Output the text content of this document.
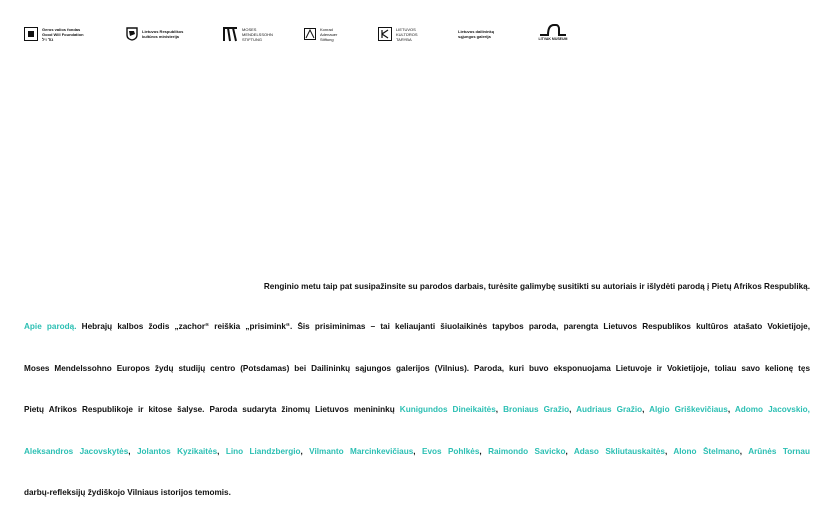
Geros valios fondas
Good Will Foundation
גוד ויל
Lietuvos Respublikos
kultūros ministerija
MOSES
MENDELSSOHN
STIFTUNG
Konrad
Adenauer
Stiftung
LIETUVOS
KULTŪROS
TARYBA
Lietuvos dailininkų
sąjungos galerija	LITVAK MUSEUM
Renginio metu taip pat susipažinsite su parodos darbais, turėsite galimybę susitikti su autoriais ir išlydėti parodą į Pietų Afrikos Respubliką.
Apie parodą. Hebrajų kalbos žodis „zachor“ reiškia „prisimink“. Šis prisiminimas – tai keliaujanti šiuolaikinės tapybos paroda, parengta Lietuvos Respublikos kultūros atašato Vokietijoje,
Moses Mendelssohno Europos žydų studijų centro (Potsdamas) bei Dailininkų sąjungos galerijos (Vilnius). Paroda, kuri buvo eksponuojama Lietuvoje ir Vokietijoje, toliau savo kelionę tęs
Pietų Afrikos Respublikoje ir kitose šalyse. Paroda sudaryta žinomų Lietuvos menininkų Kunigundos Dineikaitės, Broniaus Gražio, Audriaus Gražio, Algio Griškevičiaus, Adomo Jacovskio,
Aleksandros Jacovskytės, Jolantos Kyzikaitės, Lino Liandzbergio, Vilmanto Marcinkevičiaus, Evos Pohlkės, Raimondo Savicko, Adaso Skliutauskaitės, Alono Štelmano, Arūnės Tornau
darbų-refleksijų žydiškojo Vilniaus istorijos temomis.
